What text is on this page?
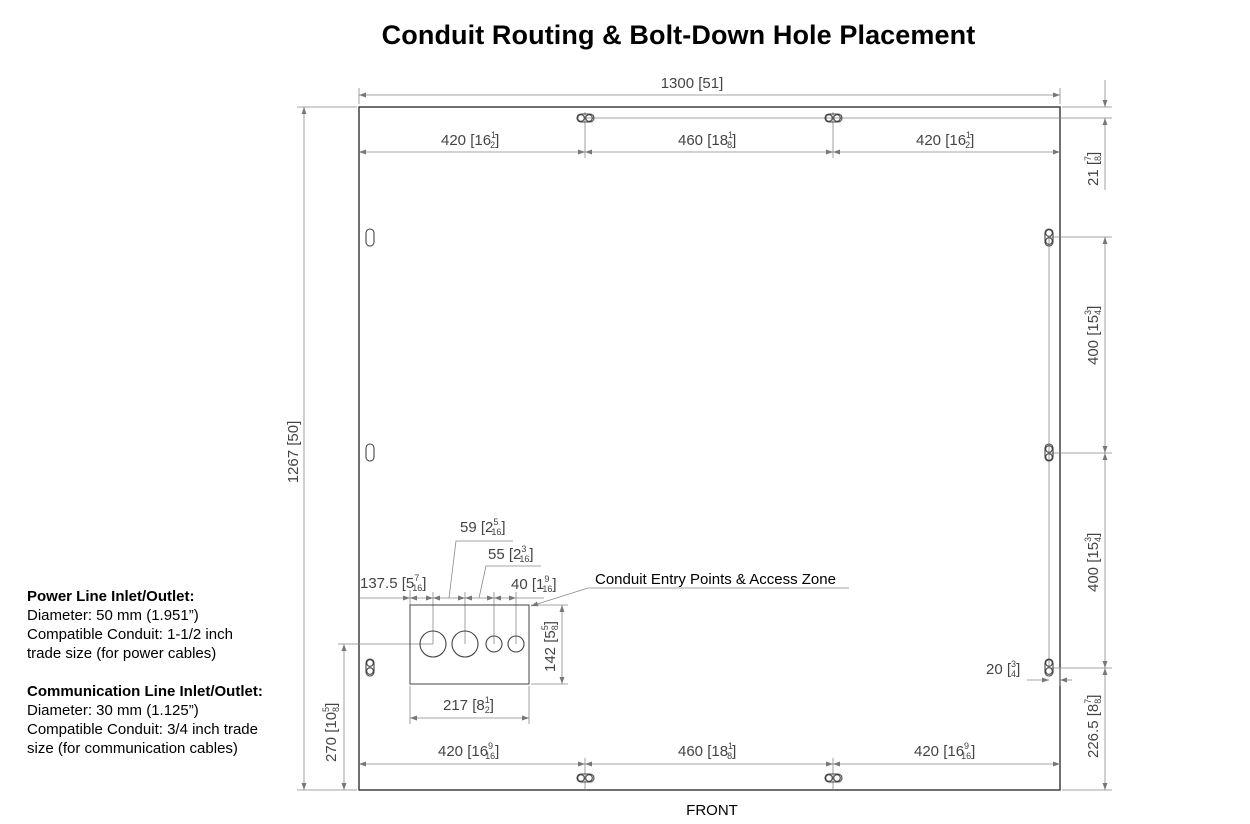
Conduit Routing & Bolt-Down Hole Placement
1300 [51]
1267 [50]
420 [$16^1$ 2]	460 [$18^1$ 8]	420 [$16^1$ 2]
420 [$16^9$ 16]	460 [$18^1$ 8]	420 [$16^9$ 16]
21 [$^7$8]
400 $[15^34]$
400 $[15^34]$
226.5 $[8^78]$
20 [$^3$ 4]
137.5 [$5^7$ 16]
59 [$2^5$ 16]
55 [$2^3$ 16]
40 [$1^9$ 16]
217 [$8^1$ 2]
142 $[5^58]$
270 $[10^58]$
Conduit Entry Points & Access Zone
Power Line Inlet/Outlet:
Diameter: 50 mm (1.951”)
Compatible Conduit: 1-1/2 inch
trade size (for power cables)
Communication Line Inlet/Outlet:
Diameter: 30 mm (1.125”)
Compatible Conduit: 3/4 inch trade
size (for communication cables)
FRONT
